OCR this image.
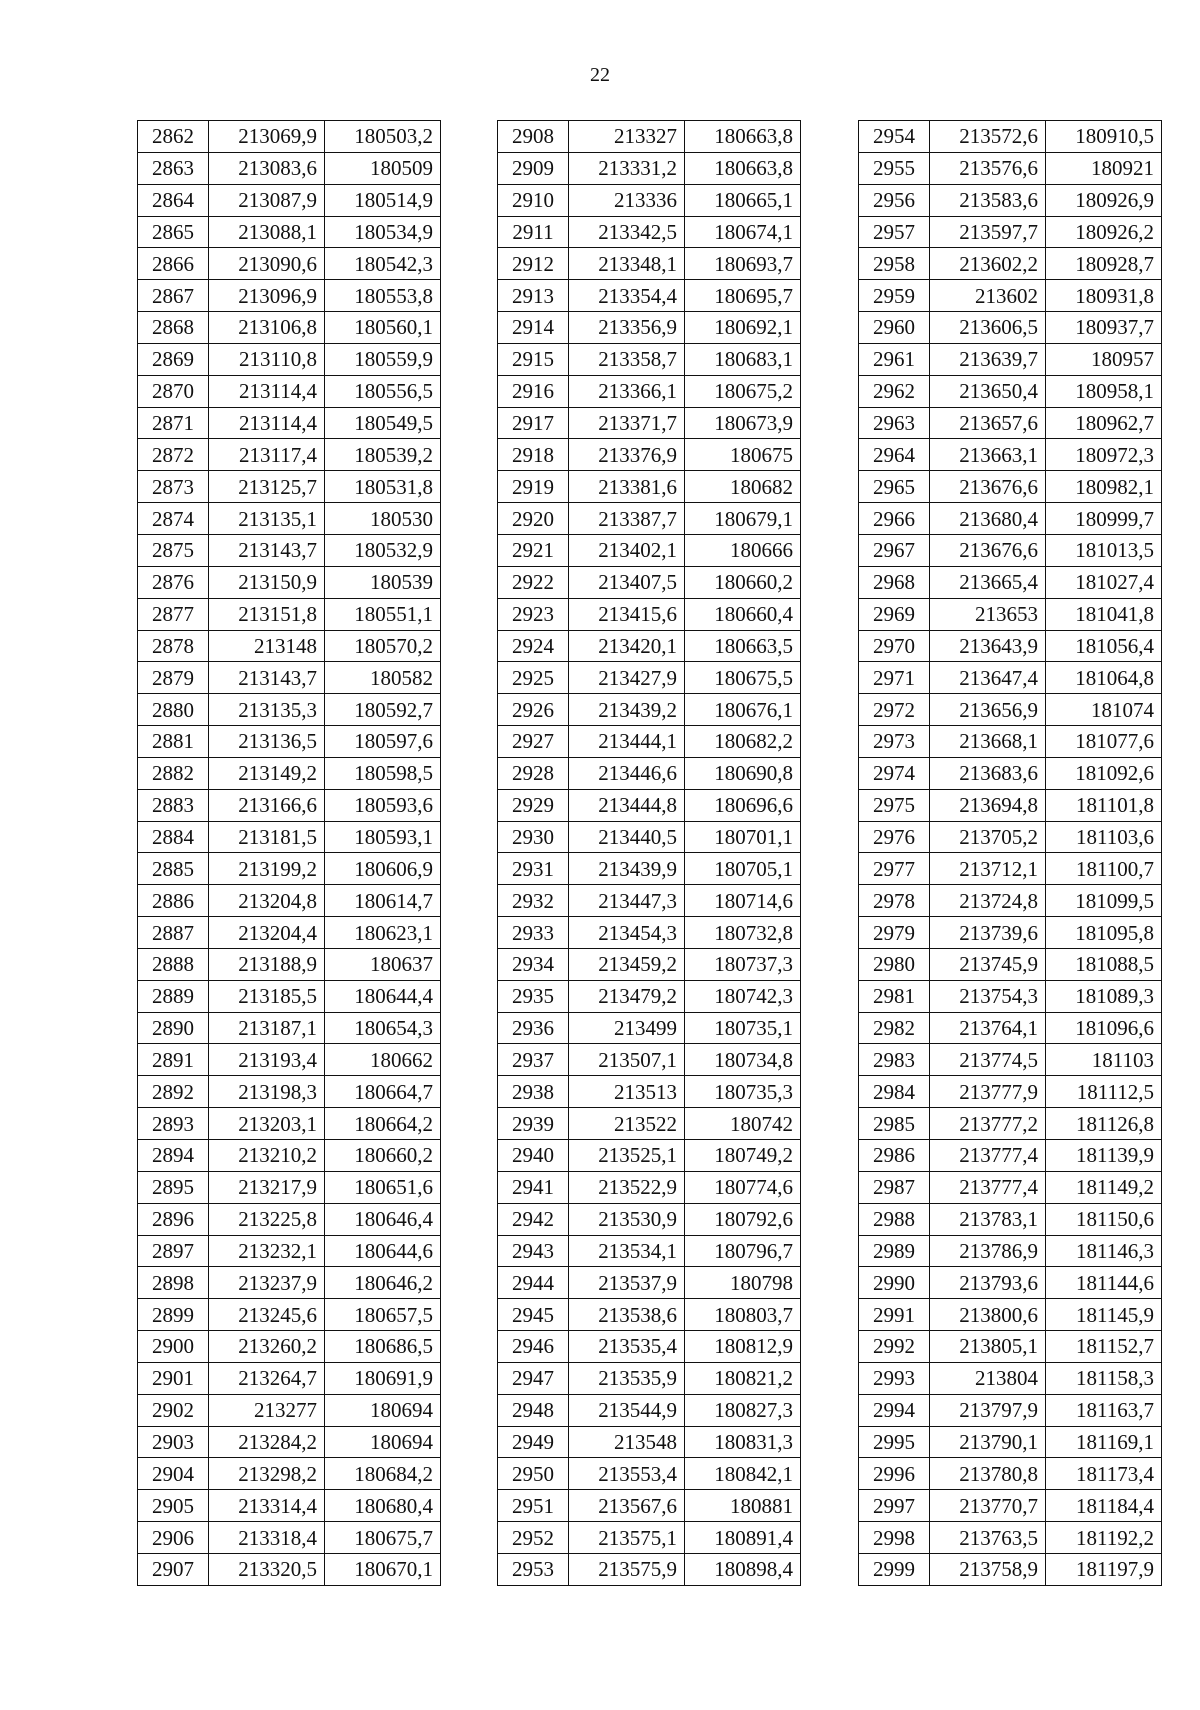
22
2862	213069,9	180503,2
2863	213083,6	180509
2864	213087,9	180514,9
2865	213088,1	180534,9
2866	213090,6	180542,3
2867	213096,9	180553,8
2868	213106,8	180560,1
2869	213110,8	180559,9
2870	213114,4	180556,5
2871	213114,4	180549,5
2872	213117,4	180539,2
2873	213125,7	180531,8
2874	213135,1	180530
2875	213143,7	180532,9
2876	213150,9	180539
2877	213151,8	180551,1
2878	213148	180570,2
2879	213143,7	180582
2880	213135,3	180592,7
2881	213136,5	180597,6
2882	213149,2	180598,5
2883	213166,6	180593,6
2884	213181,5	180593,1
2885	213199,2	180606,9
2886	213204,8	180614,7
2887	213204,4	180623,1
2888	213188,9	180637
2889	213185,5	180644,4
2890	213187,1	180654,3
2891	213193,4	180662
2892	213198,3	180664,7
2893	213203,1	180664,2
2894	213210,2	180660,2
2895	213217,9	180651,6
2896	213225,8	180646,4
2897	213232,1	180644,6
2898	213237,9	180646,2
2899	213245,6	180657,5
2900	213260,2	180686,5
2901	213264,7	180691,9
2902	213277	180694
2903	213284,2	180694
2904	213298,2	180684,2
2905	213314,4	180680,4
2906	213318,4	180675,7
2907	213320,5	180670,1
2908	213327	180663,8
2909	213331,2	180663,8
2910	213336	180665,1
2911	213342,5	180674,1
2912	213348,1	180693,7
2913	213354,4	180695,7
2914	213356,9	180692,1
2915	213358,7	180683,1
2916	213366,1	180675,2
2917	213371,7	180673,9
2918	213376,9	180675
2919	213381,6	180682
2920	213387,7	180679,1
2921	213402,1	180666
2922	213407,5	180660,2
2923	213415,6	180660,4
2924	213420,1	180663,5
2925	213427,9	180675,5
2926	213439,2	180676,1
2927	213444,1	180682,2
2928	213446,6	180690,8
2929	213444,8	180696,6
2930	213440,5	180701,1
2931	213439,9	180705,1
2932	213447,3	180714,6
2933	213454,3	180732,8
2934	213459,2	180737,3
2935	213479,2	180742,3
2936	213499	180735,1
2937	213507,1	180734,8
2938	213513	180735,3
2939	213522	180742
2940	213525,1	180749,2
2941	213522,9	180774,6
2942	213530,9	180792,6
2943	213534,1	180796,7
2944	213537,9	180798
2945	213538,6	180803,7
2946	213535,4	180812,9
2947	213535,9	180821,2
2948	213544,9	180827,3
2949	213548	180831,3
2950	213553,4	180842,1
2951	213567,6	180881
2952	213575,1	180891,4
2953	213575,9	180898,4
2954	213572,6	180910,5
2955	213576,6	180921
2956	213583,6	180926,9
2957	213597,7	180926,2
2958	213602,2	180928,7
2959	213602	180931,8
2960	213606,5	180937,7
2961	213639,7	180957
2962	213650,4	180958,1
2963	213657,6	180962,7
2964	213663,1	180972,3
2965	213676,6	180982,1
2966	213680,4	180999,7
2967	213676,6	181013,5
2968	213665,4	181027,4
2969	213653	181041,8
2970	213643,9	181056,4
2971	213647,4	181064,8
2972	213656,9	181074
2973	213668,1	181077,6
2974	213683,6	181092,6
2975	213694,8	181101,8
2976	213705,2	181103,6
2977	213712,1	181100,7
2978	213724,8	181099,5
2979	213739,6	181095,8
2980	213745,9	181088,5
2981	213754,3	181089,3
2982	213764,1	181096,6
2983	213774,5	181103
2984	213777,9	181112,5
2985	213777,2	181126,8
2986	213777,4	181139,9
2987	213777,4	181149,2
2988	213783,1	181150,6
2989	213786,9	181146,3
2990	213793,6	181144,6
2991	213800,6	181145,9
2992	213805,1	181152,7
2993	213804	181158,3
2994	213797,9	181163,7
2995	213790,1	181169,1
2996	213780,8	181173,4
2997	213770,7	181184,4
2998	213763,5	181192,2
2999	213758,9	181197,9
